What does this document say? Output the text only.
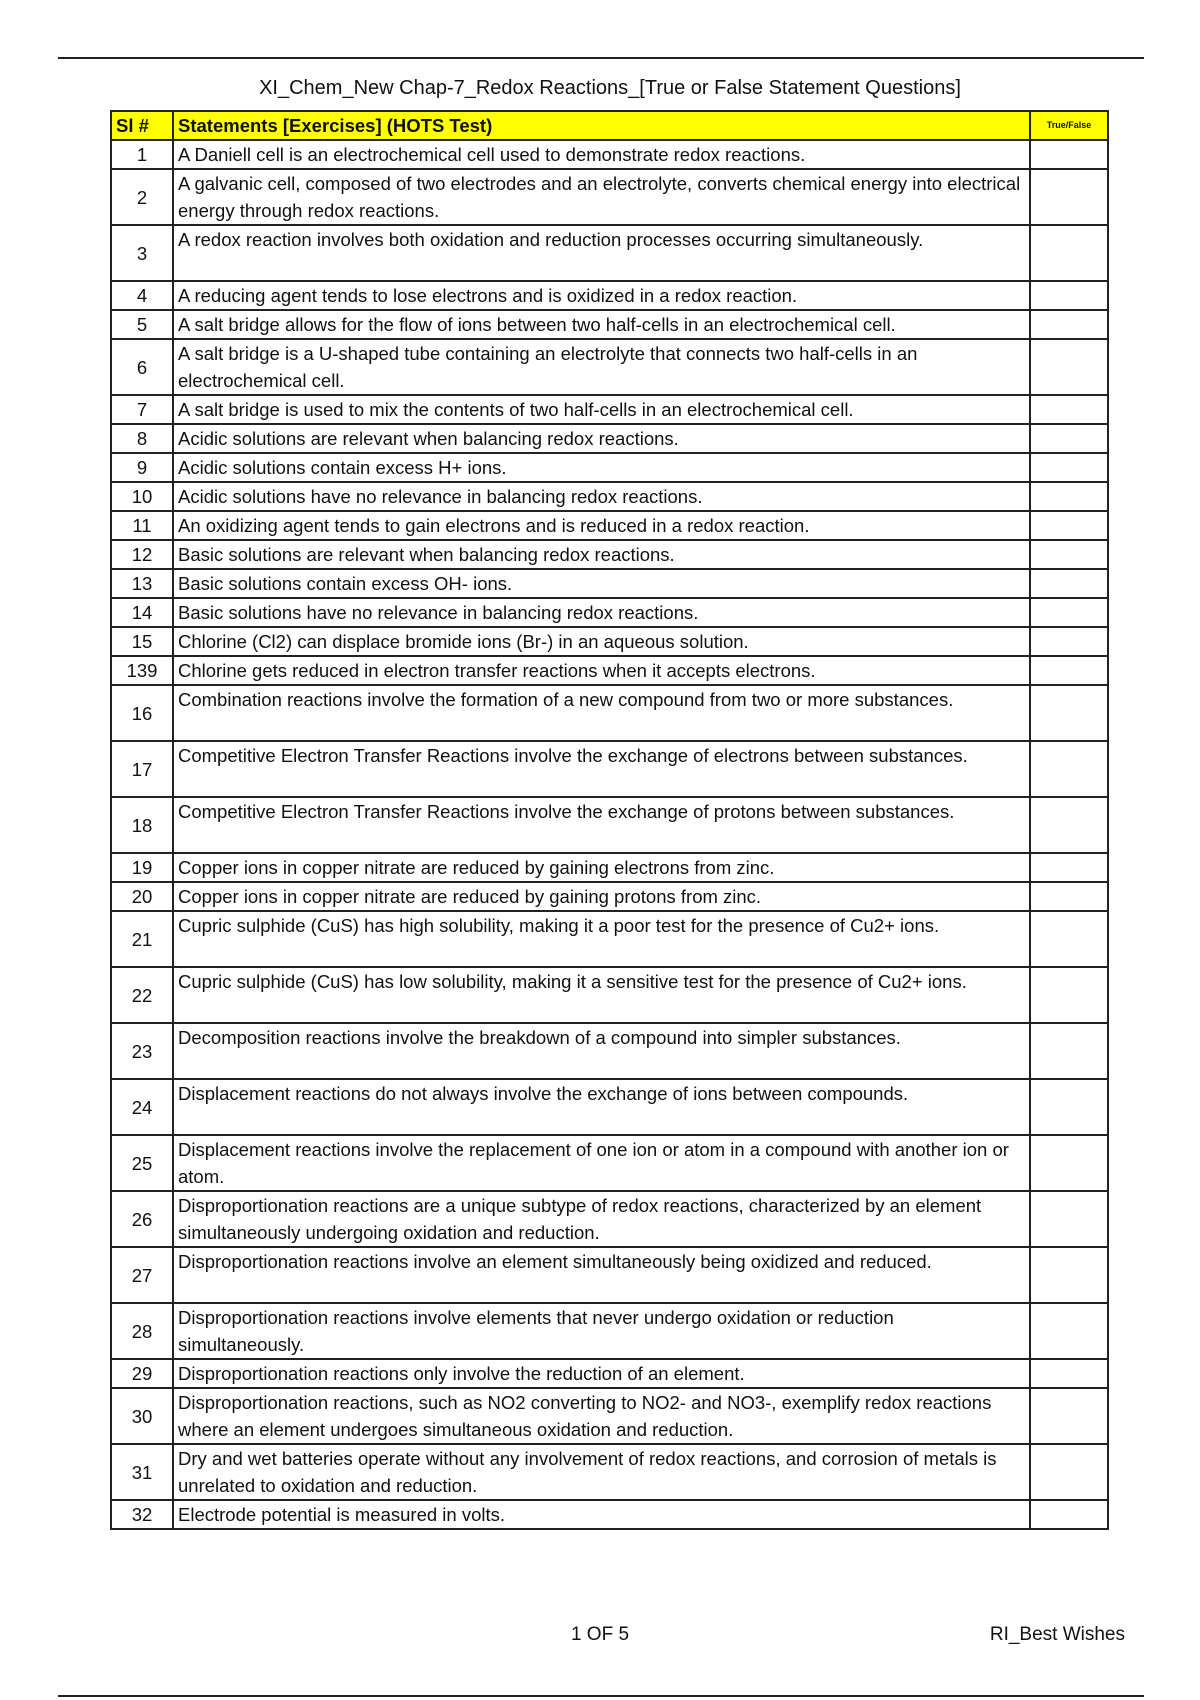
XI_Chem_New Chap-7_Redox Reactions_[True or False Statement Questions]
Sl #	Statements [Exercises] (HOTS Test)	True/False
1	A Daniell cell is an electrochemical cell used to demonstrate redox reactions.	
2	A galvanic cell, composed of two electrodes and an electrolyte, converts chemical energy into electrical energy through redox reactions.	
3	A redox reaction involves both oxidation and reduction processes occurring simultaneously.	
4	A reducing agent tends to lose electrons and is oxidized in a redox reaction.	
5	A salt bridge allows for the flow of ions between two half-cells in an electrochemical cell.	
6	A salt bridge is a U-shaped tube containing an electrolyte that connects two half-cells in an electrochemical cell.	
7	A salt bridge is used to mix the contents of two half-cells in an electrochemical cell.	
8	Acidic solutions are relevant when balancing redox reactions.	
9	Acidic solutions contain excess H+ ions.	
10	Acidic solutions have no relevance in balancing redox reactions.	
11	An oxidizing agent tends to gain electrons and is reduced in a redox reaction.	
12	Basic solutions are relevant when balancing redox reactions.	
13	Basic solutions contain excess OH- ions.	
14	Basic solutions have no relevance in balancing redox reactions.	
15	Chlorine (Cl2) can displace bromide ions (Br-) in an aqueous solution.	
139	Chlorine gets reduced in electron transfer reactions when it accepts electrons.	
16	Combination reactions involve the formation of a new compound from two or more substances.	
17	Competitive Electron Transfer Reactions involve the exchange of electrons between substances.	
18	Competitive Electron Transfer Reactions involve the exchange of protons between substances.	
19	Copper ions in copper nitrate are reduced by gaining electrons from zinc.	
20	Copper ions in copper nitrate are reduced by gaining protons from zinc.	
21	Cupric sulphide (CuS) has high solubility, making it a poor test for the presence of Cu2+ ions.	
22	Cupric sulphide (CuS) has low solubility, making it a sensitive test for the presence of Cu2+ ions.	
23	Decomposition reactions involve the breakdown of a compound into simpler substances.	
24	Displacement reactions do not always involve the exchange of ions between compounds.	
25	Displacement reactions involve the replacement of one ion or atom in a compound with another ion or atom.	
26	Disproportionation reactions are a unique subtype of redox reactions, characterized by an element simultaneously undergoing oxidation and reduction.	
27	Disproportionation reactions involve an element simultaneously being oxidized and reduced.	
28	Disproportionation reactions involve elements that never undergo oxidation or reduction simultaneously.	
29	Disproportionation reactions only involve the reduction of an element.	
30	Disproportionation reactions, such as NO2 converting to NO2- and NO3-, exemplify redox reactions where an element undergoes simultaneous oxidation and reduction.	
31	Dry and wet batteries operate without any involvement of redox reactions, and corrosion of metals is unrelated to oxidation and reduction.	
32	Electrode potential is measured in volts.	
1 OF 5	RI_Best Wishes
